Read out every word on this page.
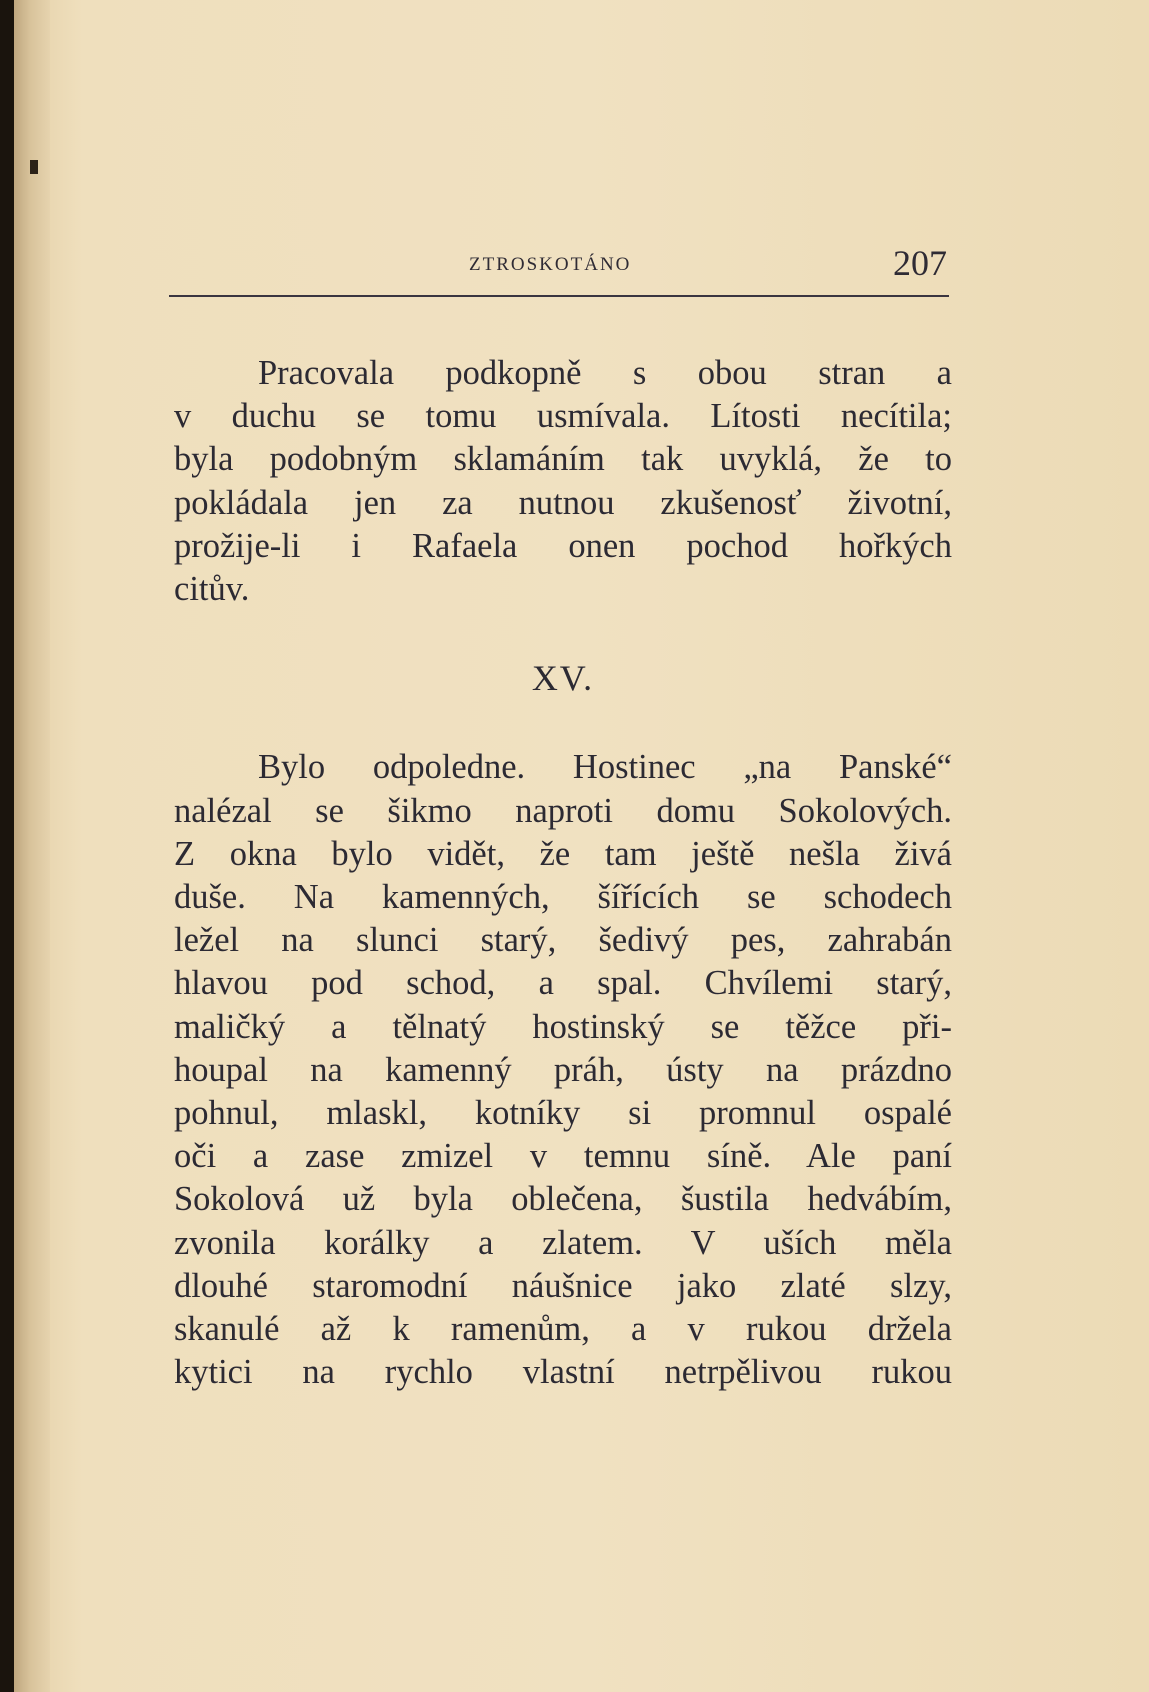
ZTROSKOTÁNO	207
Pracovala podkopně s obou stran a
v duchu se tomu usmívala. Lítosti necítila;
byla podobným sklamáním tak uvyklá, že to
pokládala jen za nutnou zkušenosť životní,
prožije-li i Rafaela onen pochod hořkých
citův.
XV.
Bylo odpoledne. Hostinec „na Panské“
nalézal se šikmo naproti domu Sokolových.
Z okna bylo vidět, že tam ještě nešla živá
duše. Na kamenných, šířících se schodech
ležel na slunci starý, šedivý pes, zahrabán
hlavou pod schod, a spal. Chvílemi starý,
maličký a tělnatý hostinský se těžce při-
houpal na kamenný práh, ústy na prázdno
pohnul, mlaskl, kotníky si promnul ospalé
oči a zase zmizel v temnu síně. Ale paní
Sokolová už byla oblečena, šustila hedvábím,
zvonila korálky a zlatem. V uších měla
dlouhé staromodní náušnice jako zlaté slzy,
skanulé až k ramenům, a v rukou držela
kytici na rychlo vlastní netrpělivou rukou
